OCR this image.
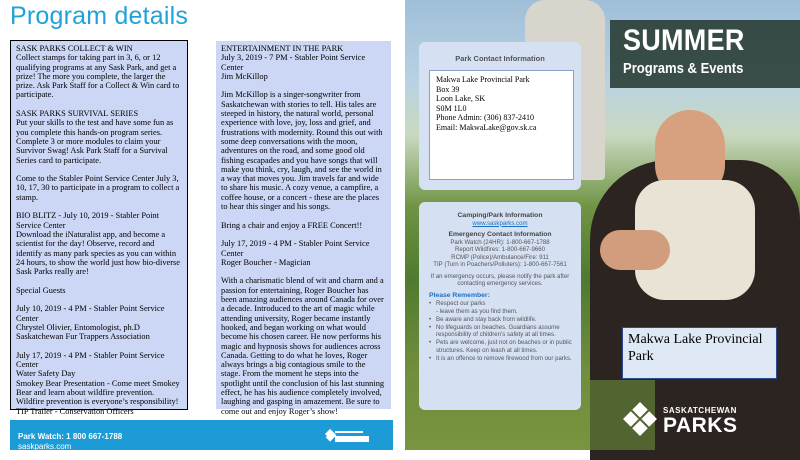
Program details

SASK PARKS COLLECT & WIN
Collect stamps for taking part in 3, 6, or 12 qualifying programs at any Sask Park, and get a prize! The more you complete, the larger the prize. Ask Park Staff for a Collect & Win card to participate.

SASK PARKS SURVIVAL SERIES
Put your skills to the test and have some fun as you complete this hands-on program series. Complete 3 or more modules to claim your Survivor Swag! Ask Park Staff for a Survival Series card to participate.

Come to the Stabler Point Service Center July 3, 10, 17, 30 to participate in a program to collect a stamp.

BIO BLITZ - July 10, 2019 - Stabler Point Service Center
Download the iNaturalist app, and become a scientist for the day! Observe, record and identify as many park species as you can within 24 hours, to show the world just how bio-diverse Sask Parks really are!

Special Guests

July 10, 2019 - 4 PM - Stabler Point Service Center
Chrystel Olivier, Entomologist, ph.D
Saskatchewan Fur Trappers Association

July 17, 2019 - 4 PM - Stabler Point Service Center
Water Safety Day
Smokey Bear Presentation - Come meet Smokey Bear and learn about wildfire prevention. Wildfire prevention is everyone’s responsibility!
TIP Trailer - Conservation Officers

ENTERTAINMENT IN THE PARK
July 3, 2019 - 7 PM - Stabler Point Service Center
Jim McKillop

Jim McKillop is a singer-songwriter from Saskatchewan with stories to tell. His tales are steeped in history, the natural world, personal experience with love, joy, loss and grief, and frustrations with modernity. Round this out with some deep conversations with the moon, adventures on the road, and some good old fishing escapades and you have songs that will make you think, cry, laugh, and see the world in a way that moves you. Jim travels far and wide to share his music. A cozy venue, a campfire, a coffee house, or a concert - these are the places to hear this singer and his songs.

Bring a chair and enjoy a FREE Concert!!

July 17, 2019 - 4 PM - Stabler Point Service Center
Roger Boucher - Magician

With a charismatic blend of wit and charm and a passion for entertaining, Roger Boucher has been amazing audiences around Canada for over a decade. Introduced to the art of magic while attending university, Roger became instantly hooked, and began working on what would become his chosen career. He now performs his magic and hypnosis shows for audiences across Canada. Getting to do what he loves, Roger always brings a big contagious smile to the stage. From the moment he steps into the spotlight until the conclusion of his last stunning effect, he has his audience completely involved, laughing and gasping in amazement. Be sure to come out and enjoy Roger’s show!

Park Watch: 1 800 667-1788
saskparks.com
Park Contact Information
Makwa Lake Provincial Park
Box 39
Loon Lake, SK
S0M 1L0
Phone Admin: (306) 837-2410
Email: MakwaLake@gov.sk.ca
Camping/Park Information
www.saskparks.com
Emergency Contact Information
Park Watch (24HR): 1-800-667-1788
Report Wildfires: 1-800-667-9660
RCMP (Police)/Ambulance/Fire: 911
TIP (Turn in Poachers/Polluters): 1-800-667-7561
If an emergency occurs, please notify the park after contacting emergency services.
Please Remember:
• Respect our parks
- leave them as you find them.
• Be aware and stay back from wildlife.
• No lifeguards on beaches. Guardians assume responsibility of children’s safety at all times.
• Pets are welcome, just not on beaches or in public structures. Keep on leash at all times.
• It is an offence to remove firewood from our parks.
SUMMER
Programs & Events
Makwa Lake Provincial Park
SASKATCHEWAN
PARKS
